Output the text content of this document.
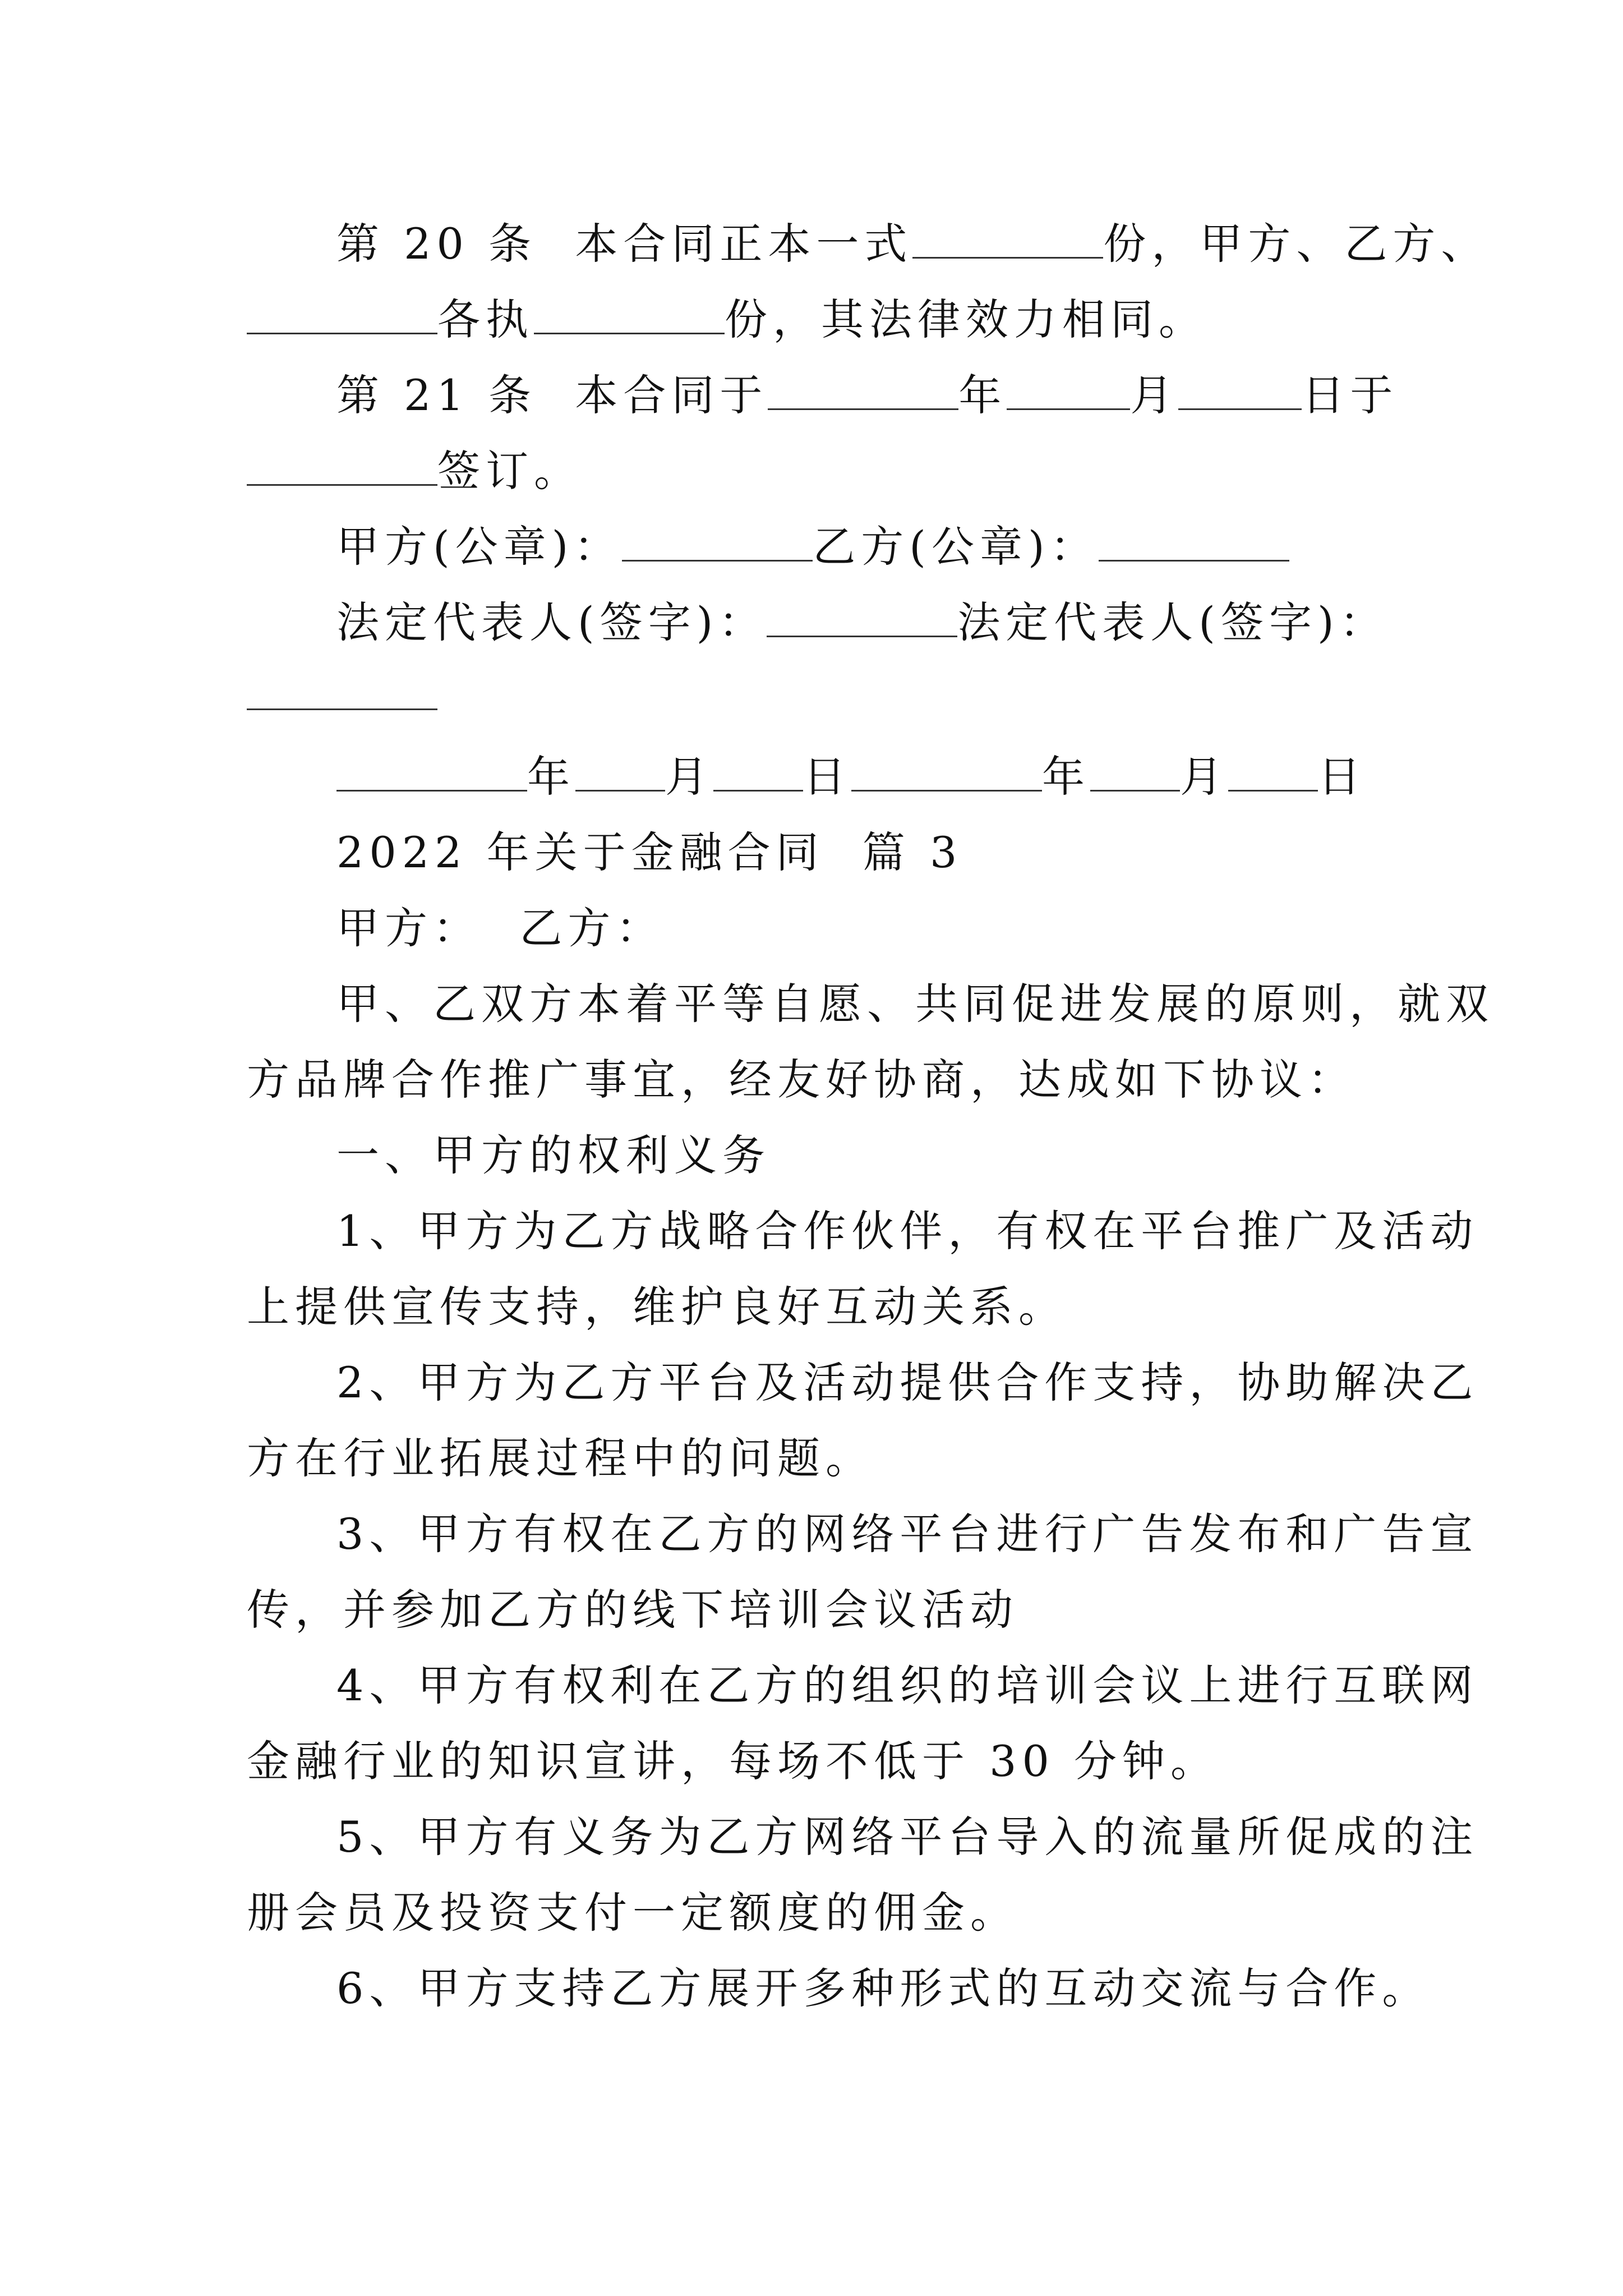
第 20 条  本合同正本一式	份，甲方、乙方、
各执	份，其法律效力相同。
第 21 条  本合同于	年	月	日于
签订。
甲方(公章)：	乙方(公章)：
法定代表人(签字)：	法定代表人(签字)：
年 月 日	年 月 日
2022 年关于金融合同  篇 3
甲方：  乙方：
甲、乙双方本着平等自愿、共同促进发展的原则，就双
方品牌合作推广事宜，经友好协商，达成如下协议：
一、甲方的权利义务
1、甲方为乙方战略合作伙伴，有权在平台推广及活动
上提供宣传支持，维护良好互动关系。
2、甲方为乙方平台及活动提供合作支持，协助解决乙
方在行业拓展过程中的问题。
3、甲方有权在乙方的网络平台进行广告发布和广告宣
传，并参加乙方的线下培训会议活动
4、甲方有权利在乙方的组织的培训会议上进行互联网
金融行业的知识宣讲，每场不低于 30 分钟。
5、甲方有义务为乙方网络平台导入的流量所促成的注
册会员及投资支付一定额度的佣金。
6、甲方支持乙方展开多种形式的互动交流与合作。
